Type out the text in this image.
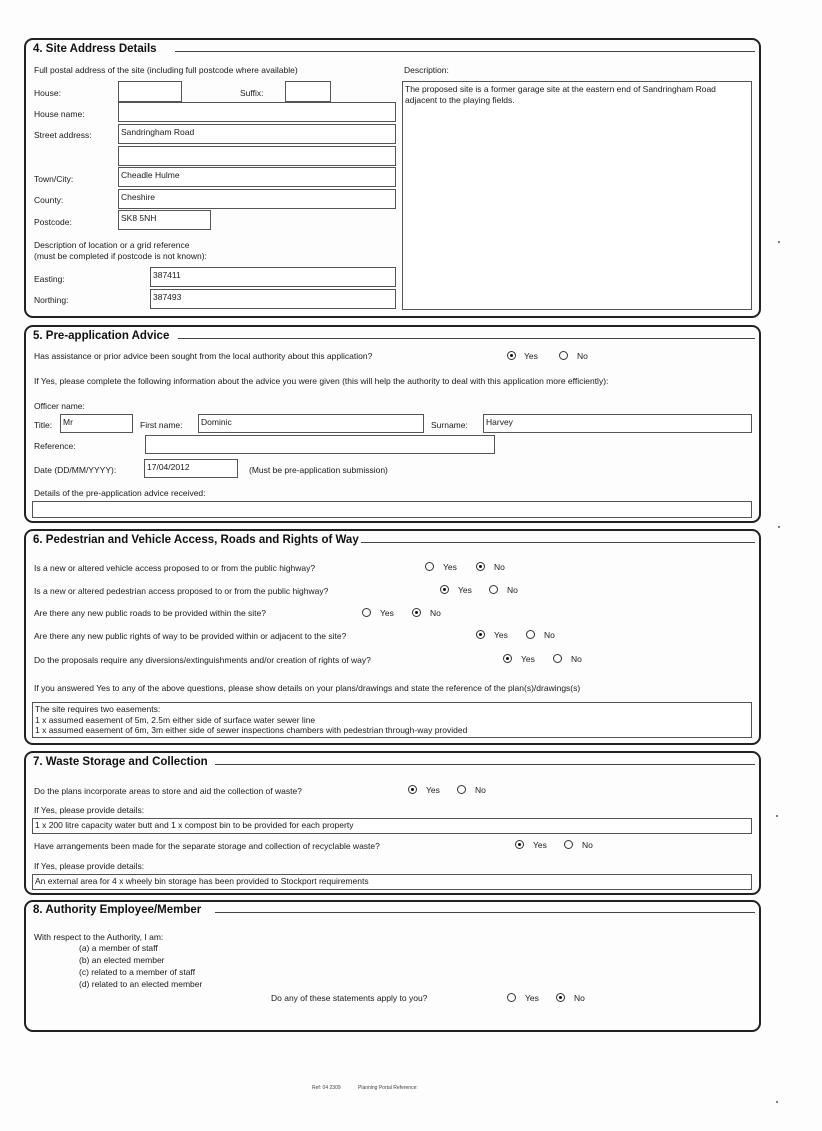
4. Site Address Details
Full postal address of the site (including full postcode where available)	Description:
House:	Suffix:	The proposed site is a former garage site at the eastern end of Sandringham Road adjacent to the playing fields.
House name:
Street address:	Sandringham Road
Town/City:	Cheadle Hulme
County:	Cheshire
Postcode:	SK8 5NH
Description of location or a grid reference
(must be completed if postcode is not known):
Easting:	387411
Northing:	387493
5. Pre-application Advice
Has assistance or prior advice been sought from the local authority about this application?	Yes	No
If Yes, please complete the following information about the advice you were given (this will help the authority to deal with this application more efficiently):
Officer name:
Title:	Mr	First name:	Dominic	Surname:	Harvey
Reference:
Date (DD/MM/YYYY):	17/04/2012	(Must be pre-application submission)
Details of the pre-application advice received:
6. Pedestrian and Vehicle Access, Roads and Rights of Way
Is a new or altered vehicle access proposed to or from the public highway?	Yes	No
Is a new or altered pedestrian access proposed to or from the public highway?	Yes	No
Are there any new public roads to be provided within the site?	Yes	No
Are there any new public rights of way to be provided within or adjacent to the site?	Yes	No
Do the proposals require any diversions/extinguishments and/or creation of rights of way?	Yes	No
If you answered Yes to any of the above questions, please show details on your plans/drawings and state the reference of the plan(s)/drawings(s)
The site requires two easements:
1 x assumed easement of 5m, 2.5m either side of surface water sewer line
1 x assumed easement of 6m, 3m either side of sewer inspections chambers with pedestrian through-way provided
7. Waste Storage and Collection
Do the plans incorporate areas to store and aid the collection of waste?	Yes	No
If Yes, please provide details:
1 x 200 litre capacity water butt and 1 x compost bin to be provided for each property
Have arrangements been made for the separate storage and collection of recyclable waste?	Yes	No
If Yes, please provide details:
An external area for 4 x wheely bin storage has been provided to Stockport requirements
8. Authority Employee/Member
With respect to the Authority, I am:
(a) a member of staff
(b) an elected member
(c) related to a member of staff
(d) related to an elected member
Do any of these statements apply to you?	Yes	No
Ref: 04 2309	Planning Portal Reference:
